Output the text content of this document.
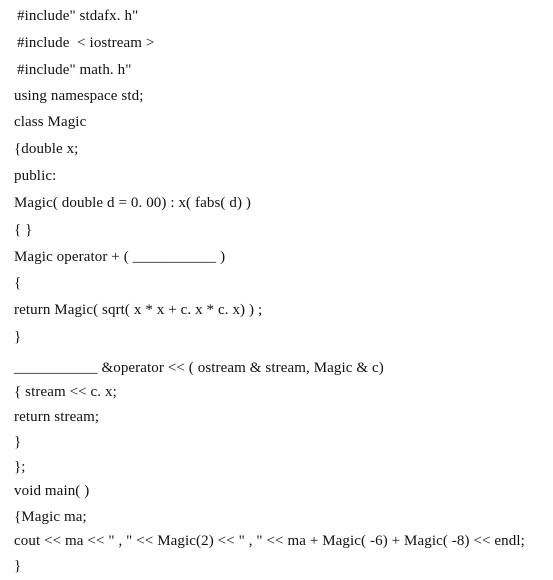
#include" stdafx. h"
#include  < iostream >
#include" math. h"
using namespace std;
class Magic
{double x;
public:
Magic( double d = 0. 00) : x( fabs( d) )
{ }
Magic operator + ( ___________ )
{
return Magic( sqrt( x * x + c. x * c. x) ) ;
}
___________ &operator << ( ostream & stream, Magic & c)
{ stream << c. x;
return stream;
}
};
void main( )
{Magic ma;
cout << ma << " , " << Magic(2) << " , " << ma + Magic( -6) + Magic( -8) << endl;
}
